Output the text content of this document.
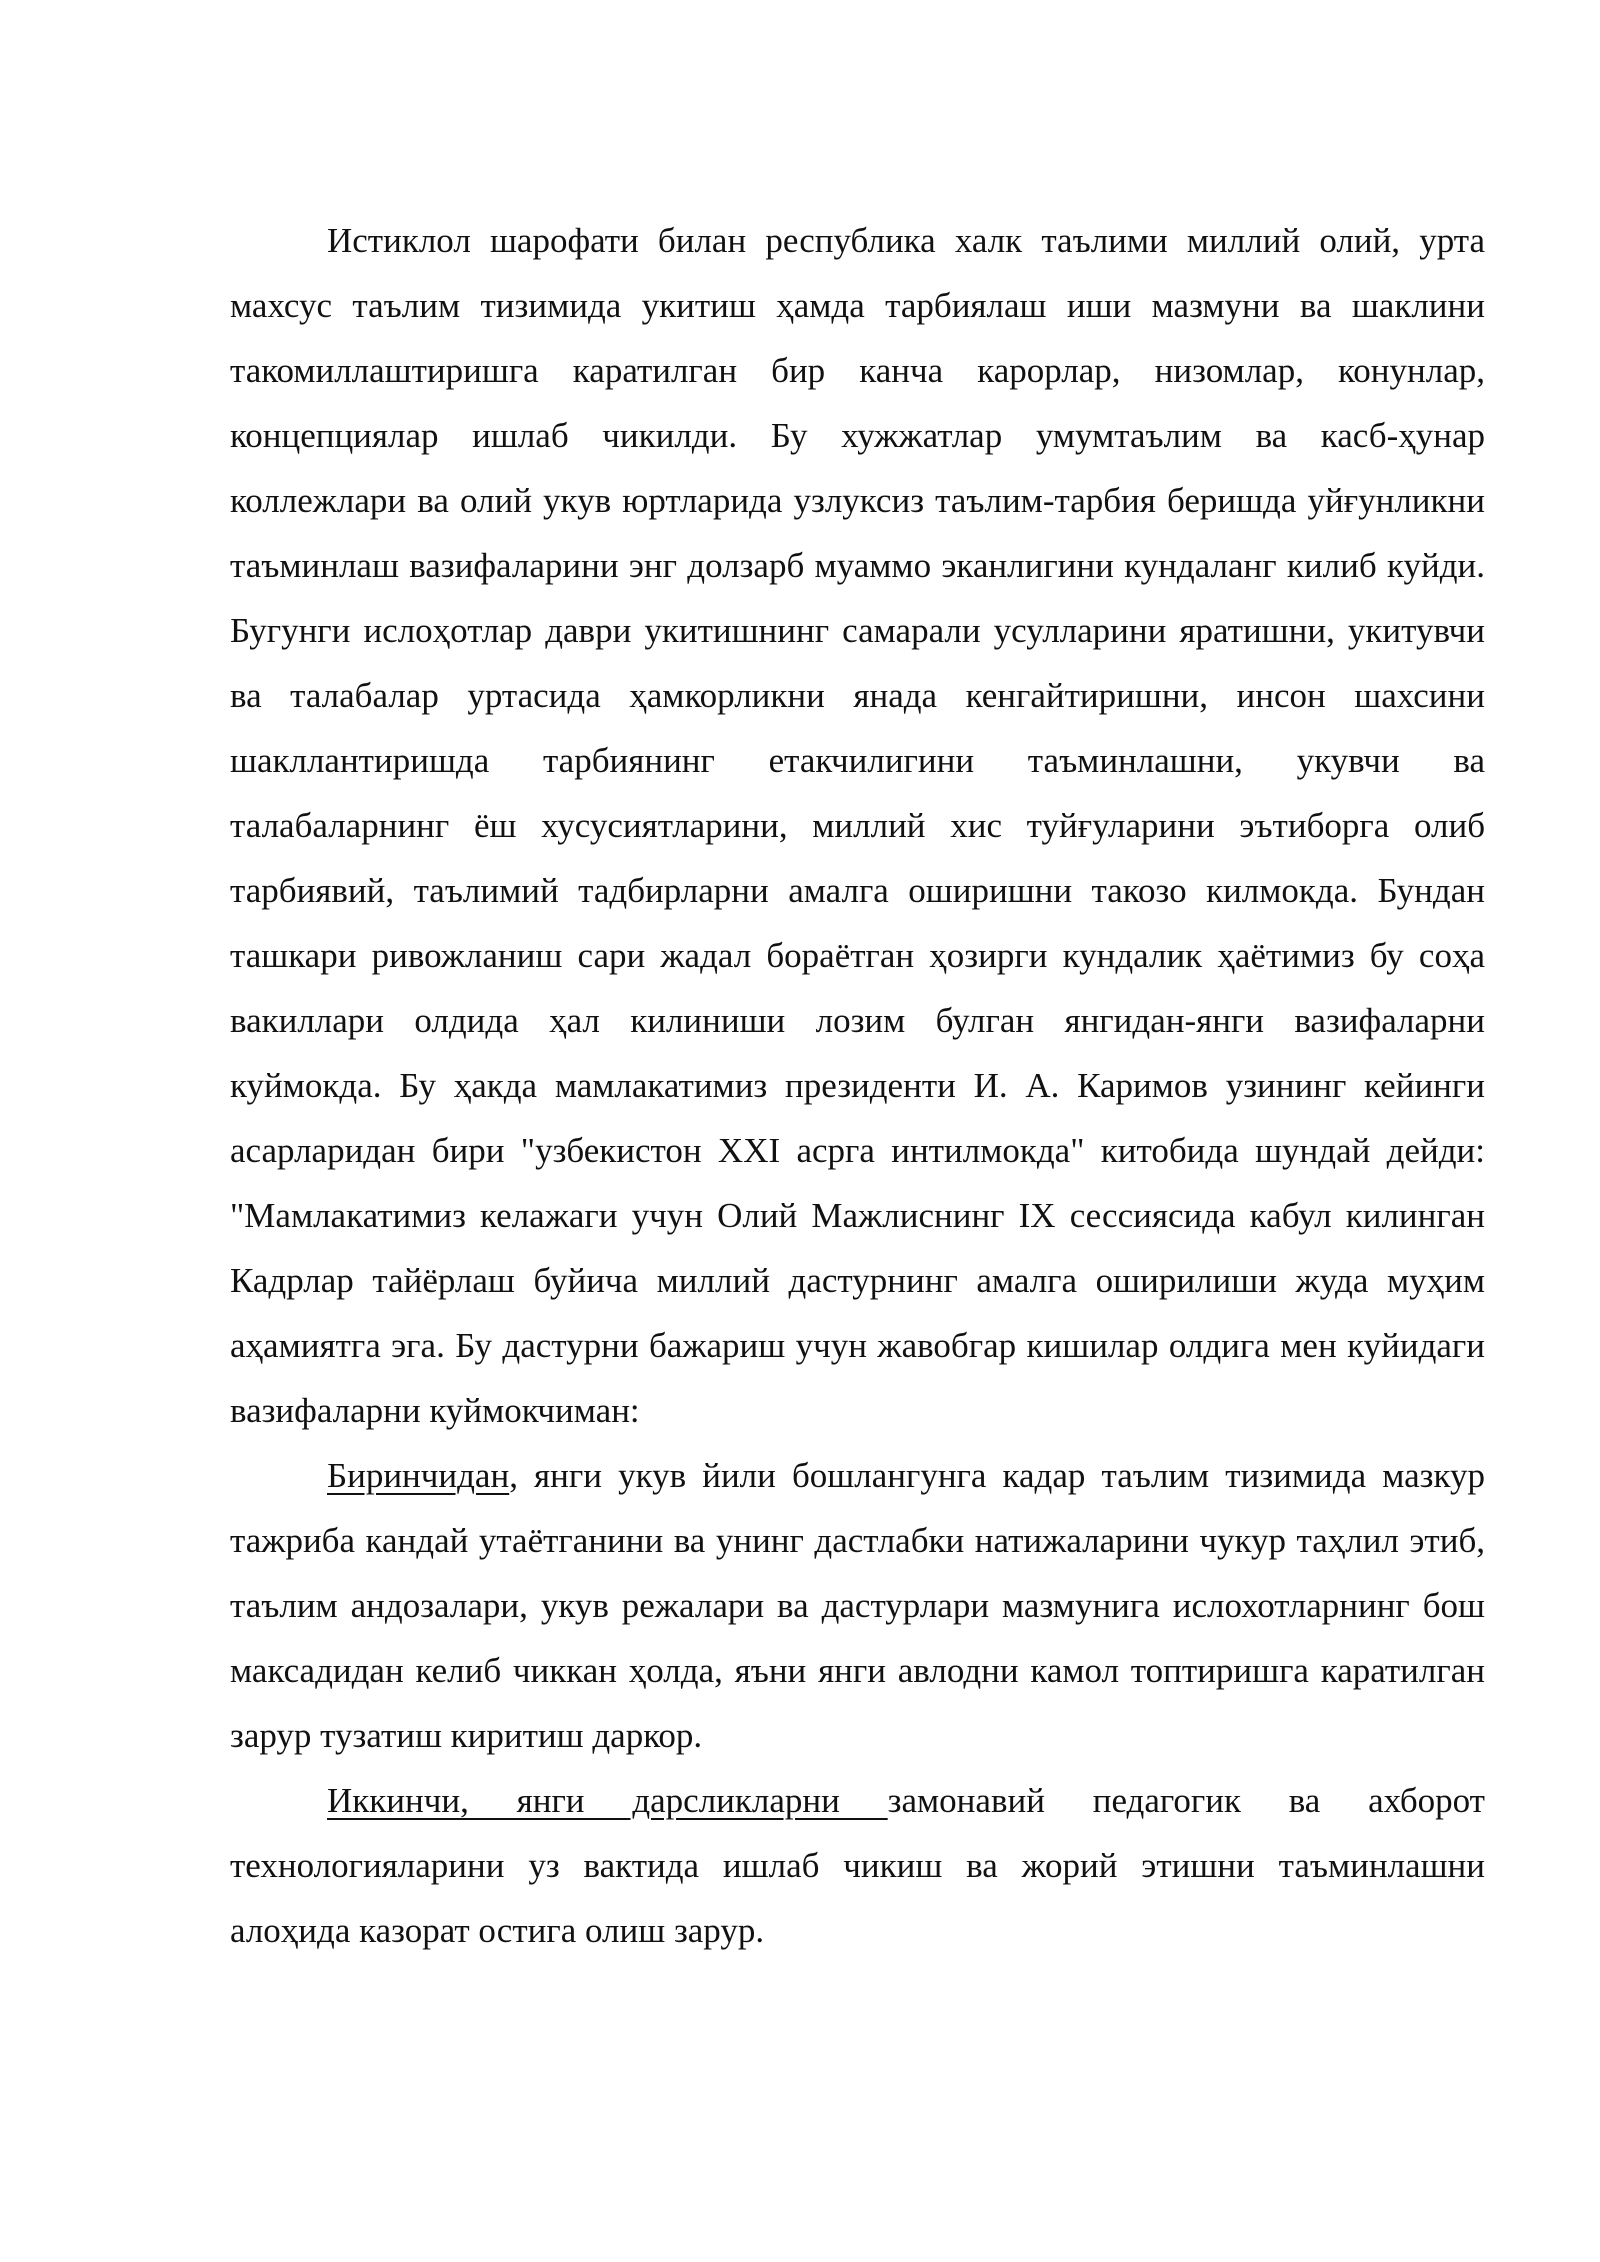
Истиклол шарофати билан республика халк таълими миллий олий, урта махсус таълим тизимида укитиш ҳамда тарбиялаш иши мазмуни ва шаклини такомиллаштиришга каратилган бир канча карорлар, низомлар, конунлар, концепциялар ишлаб чикилди. Бу хужжатлар умумтаълим ва касб-ҳунар коллежлари ва олий укув юртларида узлуксиз таълим-тарбия беришда уйғунликни таъминлаш вазифаларини энг долзарб муаммо эканлигини кундаланг килиб куйди. Бугунги ислоҳотлар даври укитишнинг самарали усулларини яратишни, укитувчи ва талабалар уртасида ҳамкорликни янада кенгайтиришни, инсон шахсини шакллантиришда тарбиянинг етакчилигини таъминлашни, укувчи ва талабаларнинг ёш хусусиятларини, миллий хис туйғуларини эътиборга олиб тарбиявий, таълимий тадбирларни амалга оширишни такозо килмокда. Бундан ташкари ривожланиш сари жадал бораётган ҳозирги кундалик ҳаётимиз бу соҳа вакиллари олдида ҳал килиниши лозим булган янгидан-янги вазифаларни куймокда. Бу ҳакда мамлакатимиз президенти И. А. Каримов узининг кейинги асарларидан бири "узбекистон XXI асрга интилмокда" китобида шундай дейди: "Мамлакатимиз келажаги учун Олий Мажлиснинг IX сессиясида кабул килинган Кадрлар тайёрлаш буйича миллий дастурнинг амалга оширилиши жуда муҳим аҳамиятга эга. Бу дастурни бажариш учун жавобгар кишилар олдига мен куйидаги вазифаларни куймокчиман:

Биринчидан, янги укув йили бошлангунга кадар таълим тизимида мазкур тажриба кандай утаётганини ва унинг дастлабки натижаларини чукур таҳлил этиб, таълим андозалари, укув режалари ва дастурлари мазмунига ислохотларнинг бош максадидан келиб чиккан ҳолда, яъни янги авлодни камол топтиришга каратилган зарур тузатиш киритиш даркор.

Иккинчи, янги дарсликларни замонавий педагогик ва ахборот технологияларини уз вактида ишлаб чикиш ва жорий этишни таъминлашни алоҳида казорат остига олиш зарур.
